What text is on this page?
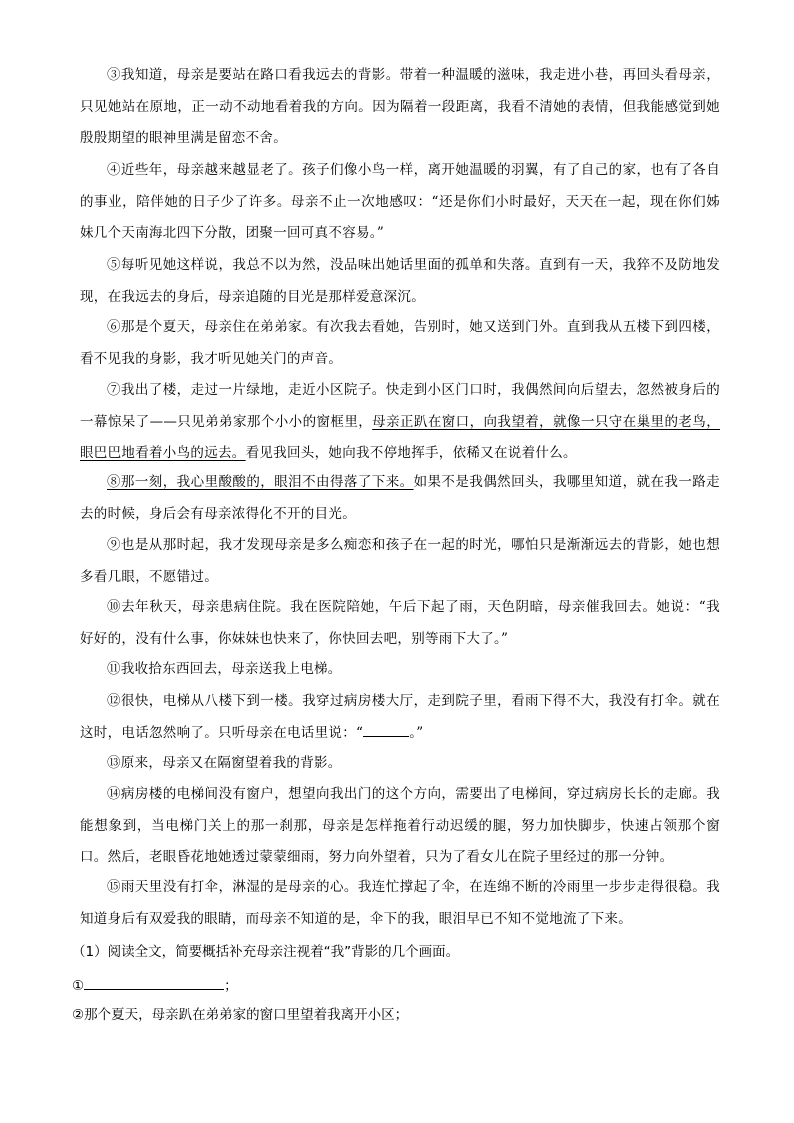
③我知道，母亲是要站在路口看我远去的背影。带着一种温暖的滋味，我走进小巷，再回头看母亲，只见她站在原地，正一动不动地看着我的方向。因为隔着一段距离，我看不清她的表情，但我能感觉到她殷殷期望的眼神里满是留恋不舍。

④近些年，母亲越来越显老了。孩子们像小鸟一样，离开她温暖的羽翼，有了自己的家，也有了各自的事业，陪伴她的日子少了许多。母亲不止一次地感叹：“还是你们小时最好，天天在一起，现在你们姊妹几个天南海北四下分散，团聚一回可真不容易。”

⑤每听见她这样说，我总不以为然，没品味出她话里面的孤单和失落。直到有一天，我猝不及防地发现，在我远去的身后，母亲追随的目光是那样爱意深沉。

⑥那是个夏天，母亲住在弟弟家。有次我去看她，告别时，她又送到门外。直到我从五楼下到四楼，看不见我的身影，我才听见她关门的声音。

⑦我出了楼，走过一片绿地，走近小区院子。快走到小区门口时，我偶然间向后望去，忽然被身后的一幕惊呆了——只见弟弟家那个小小的窗框里，母亲正趴在窗口，向我望着，就像一只守在巢里的老鸟，眼巴巴地看着小鸟的远去。看见我回头，她向我不停地挥手，依稀又在说着什么。

⑧那一刻，我心里酸酸的，眼泪不由得落了下来。如果不是我偶然回头，我哪里知道，就在我一路走去的时候，身后会有母亲浓得化不开的目光。

⑨也是从那时起，我才发现母亲是多么痴恋和孩子在一起的时光，哪怕只是渐渐远去的背影，她也想多看几眼，不愿错过。

⑩去年秋天，母亲患病住院。我在医院陪她，午后下起了雨，天色阴暗，母亲催我回去。她说：“我好好的，没有什么事，你妹妹也快来了，你快回去吧，别等雨下大了。”

⑪我收拾东西回去，母亲送我上电梯。

⑫很快，电梯从八楼下到一楼。我穿过病房楼大厅，走到院子里，看雨下得不大，我没有打伞。就在这时，电话忽然响了。只听母亲在电话里说：“	。”

⑬原来，母亲又在隔窗望着我的背影。

⑭病房楼的电梯间没有窗户，想望向我出门的这个方向，需要出了电梯间，穿过病房长长的走廊。我能想象到，当电梯门关上的那一刹那，母亲是怎样拖着行动迟缓的腿，努力加快脚步，快速占领那个窗口。然后，老眼昏花地她透过蒙蒙细雨，努力向外望着，只为了看女儿在院子里经过的那一分钟。

⑮雨天里没有打伞，淋湿的是母亲的心。我连忙撑起了伞，在连绵不断的冷雨里一步步走得很稳。我知道身后有双爱我的眼睛，而母亲不知道的是，伞下的我，眼泪早已不知不觉地流了下来。

（1）阅读全文，简要概括补充母亲注视着“我”背影的几个画面。

①	；

②那个夏天，母亲趴在弟弟家的窗口里望着我离开小区；
